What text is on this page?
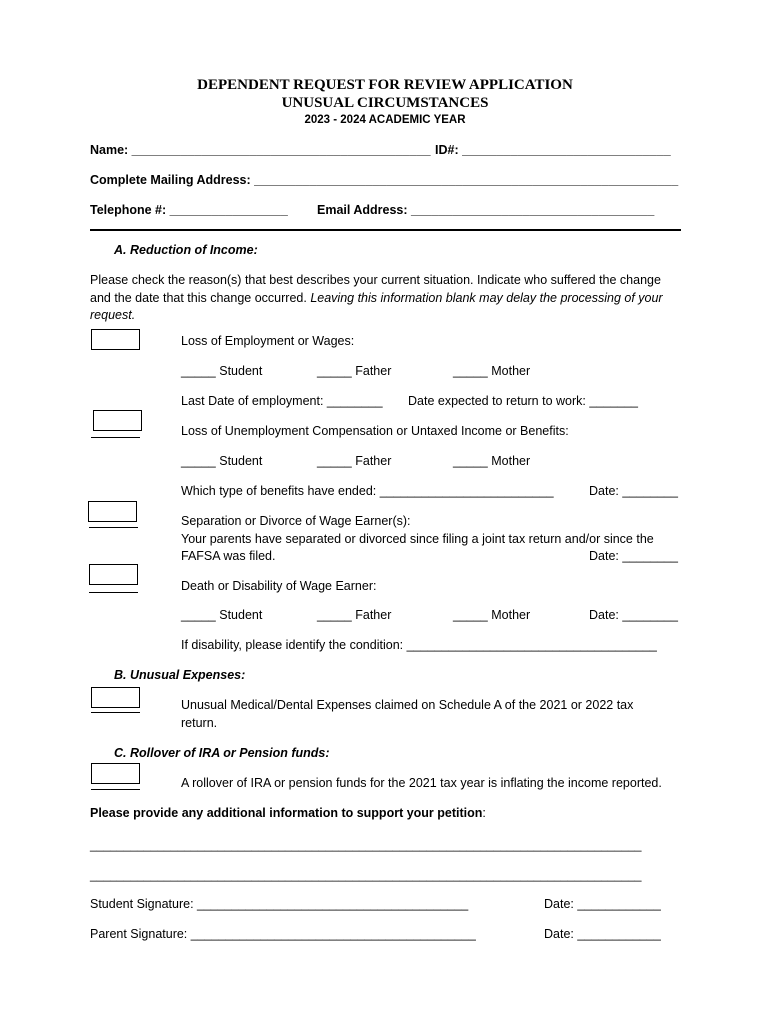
DEPENDENT REQUEST FOR REVIEW APPLICATION
UNUSUAL CIRCUMSTANCES
2023 - 2024 ACADEMIC YEAR
Name: ___________________________________________ ID#: ______________________________
Complete Mailing Address: _____________________________________________________________
Telephone #: _________________ Email Address: ___________________________________
A. Reduction of Income:
Please check the reason(s) that best describes your current situation. Indicate who suffered the change and the date that this change occurred. Leaving this information blank may delay the processing of your request.
Loss of Employment or Wages:
_____ Student	_____ Father	_____ Mother
Last Date of employment: ________ Date expected to return to work: _______
Loss of Unemployment Compensation or Untaxed Income or Benefits:
_____ Student	_____ Father	_____ Mother
Which type of benefits have ended: _________________________	Date: ________
Separation or Divorce of Wage Earner(s):
Your parents have separated or divorced since filing a joint tax return and/or since the
FAFSA was filed.	Date: ________
Death or Disability of Wage Earner:
_____ Student	_____ Father	_____ Mother	Date: ________
If disability, please identify the condition: ____________________________________
B. Unusual Expenses:
Unusual Medical/Dental Expenses claimed on Schedule A of the 2021 or 2022 tax
return.
C. Rollover of IRA or Pension funds:
A rollover of IRA or pension funds for the 2021 tax year is inflating the income reported.
Please provide any additional information to support your petition:
__________________________________________________________________________________
__________________________________________________________________________________
Student Signature: _______________________________________	Date: ____________
Parent Signature: _________________________________________	Date: ____________
